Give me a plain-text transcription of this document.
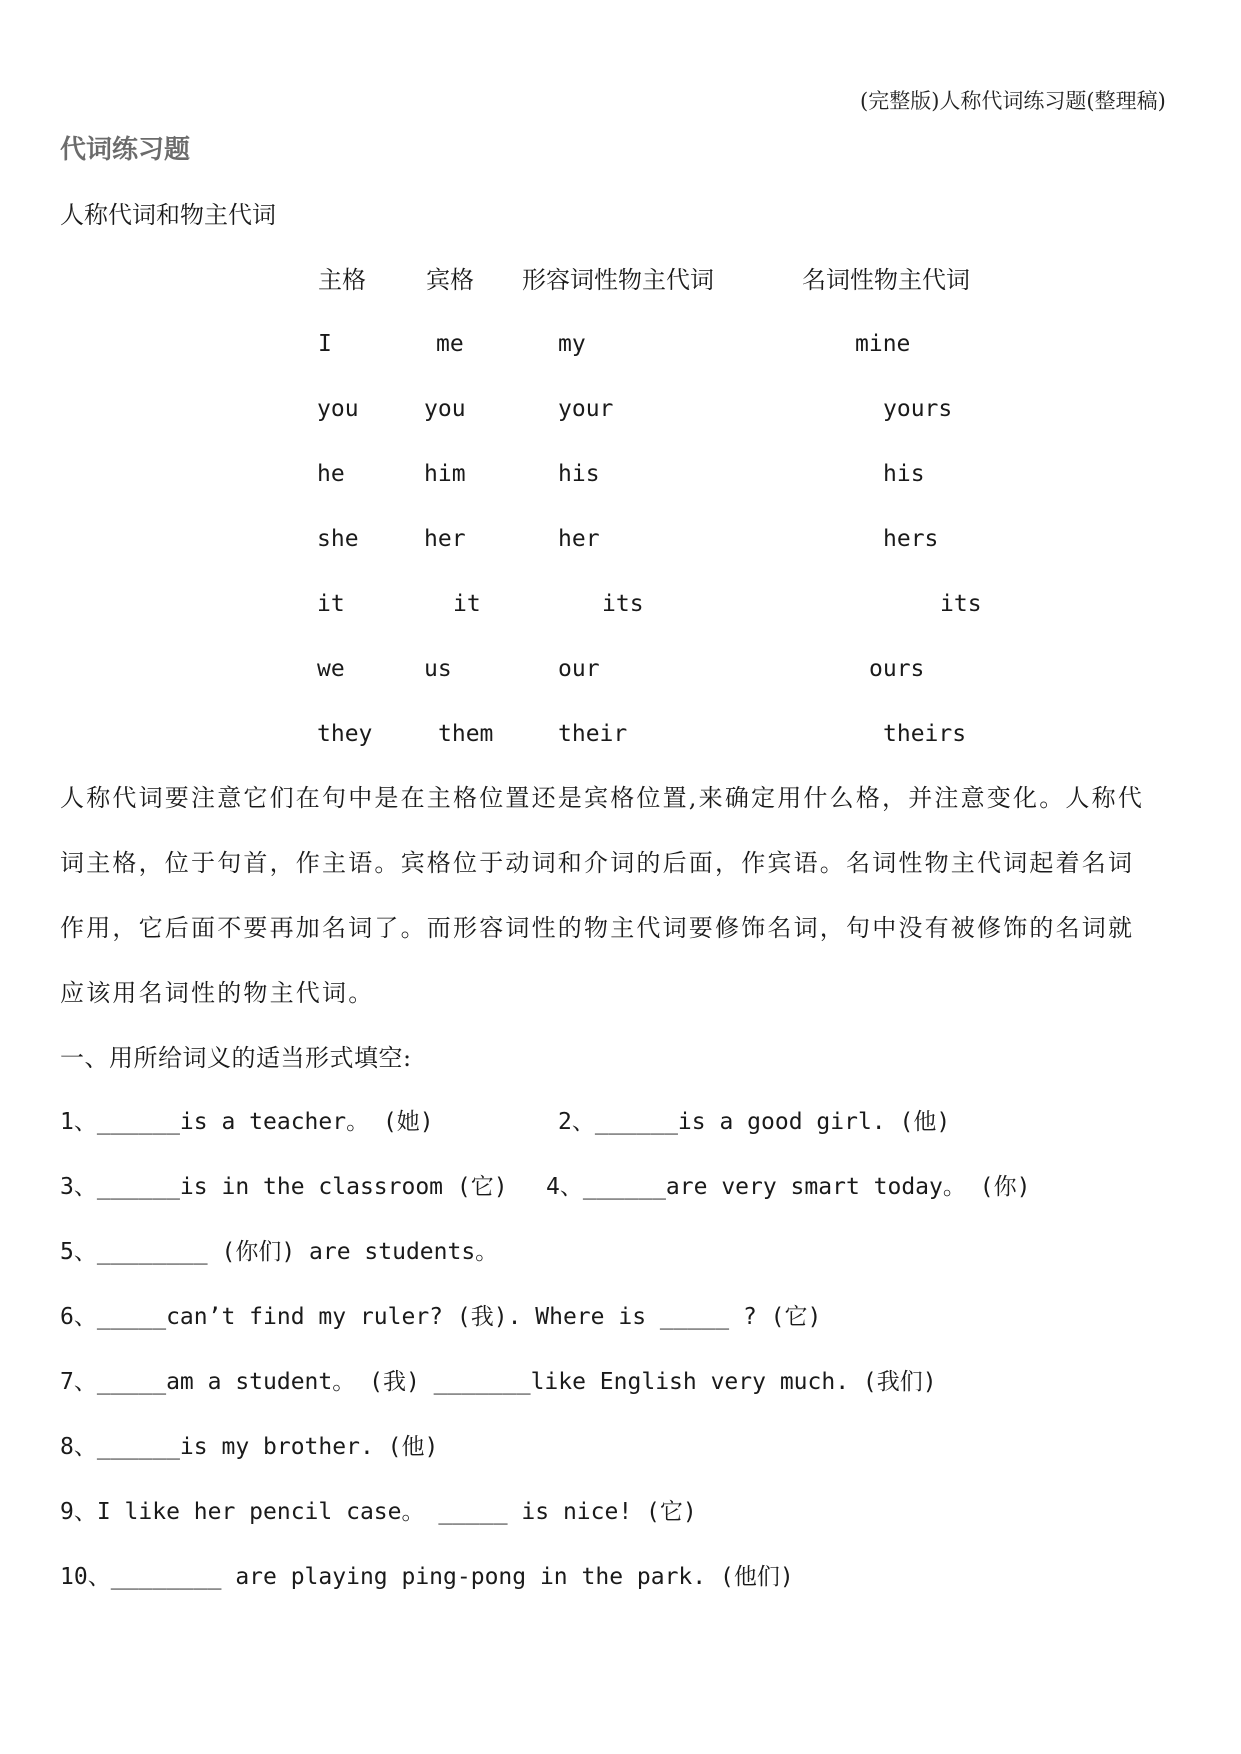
(完整版)人称代词练习题(整理稿)
代词练习题
人称代词和物主代词
主格	宾格 形容词性物主代词	名词性物主代词
I	me	my	mine
you	you	your	yours
he	him	his	his
she	her	her	hers
it	it	its	its
we	us	our	ours
they	them	their	theirs
人称代词要注意它们在句中是在主格位置还是宾格位置,来确定用什么格，并注意变化。人称代
词主格，位于句首，作主语。宾格位于动词和介词的后面，作宾语。名词性物主代词起着名词
作用，它后面不要再加名词了。而形容词性的物主代词要修饰名词，句中没有被修饰的名词就
应该用名词性的物主代词。
一、用所给词义的适当形式填空:
1、______is a teacher。 (她)	2、______is a good girl. (他)
3、______is in the classroom (它) 4、______are very smart today。 (你)
5、________ (你们) are students。
6、_____can’t find my ruler? (我). Where is _____ ? (它)
7、_____am a student。 (我) _______like English very much. (我们)
8、______is my brother. (他)
9、I like her pencil case。 _____ is nice! (它)
10、________ are playing ping-pong in the park. (他们)
